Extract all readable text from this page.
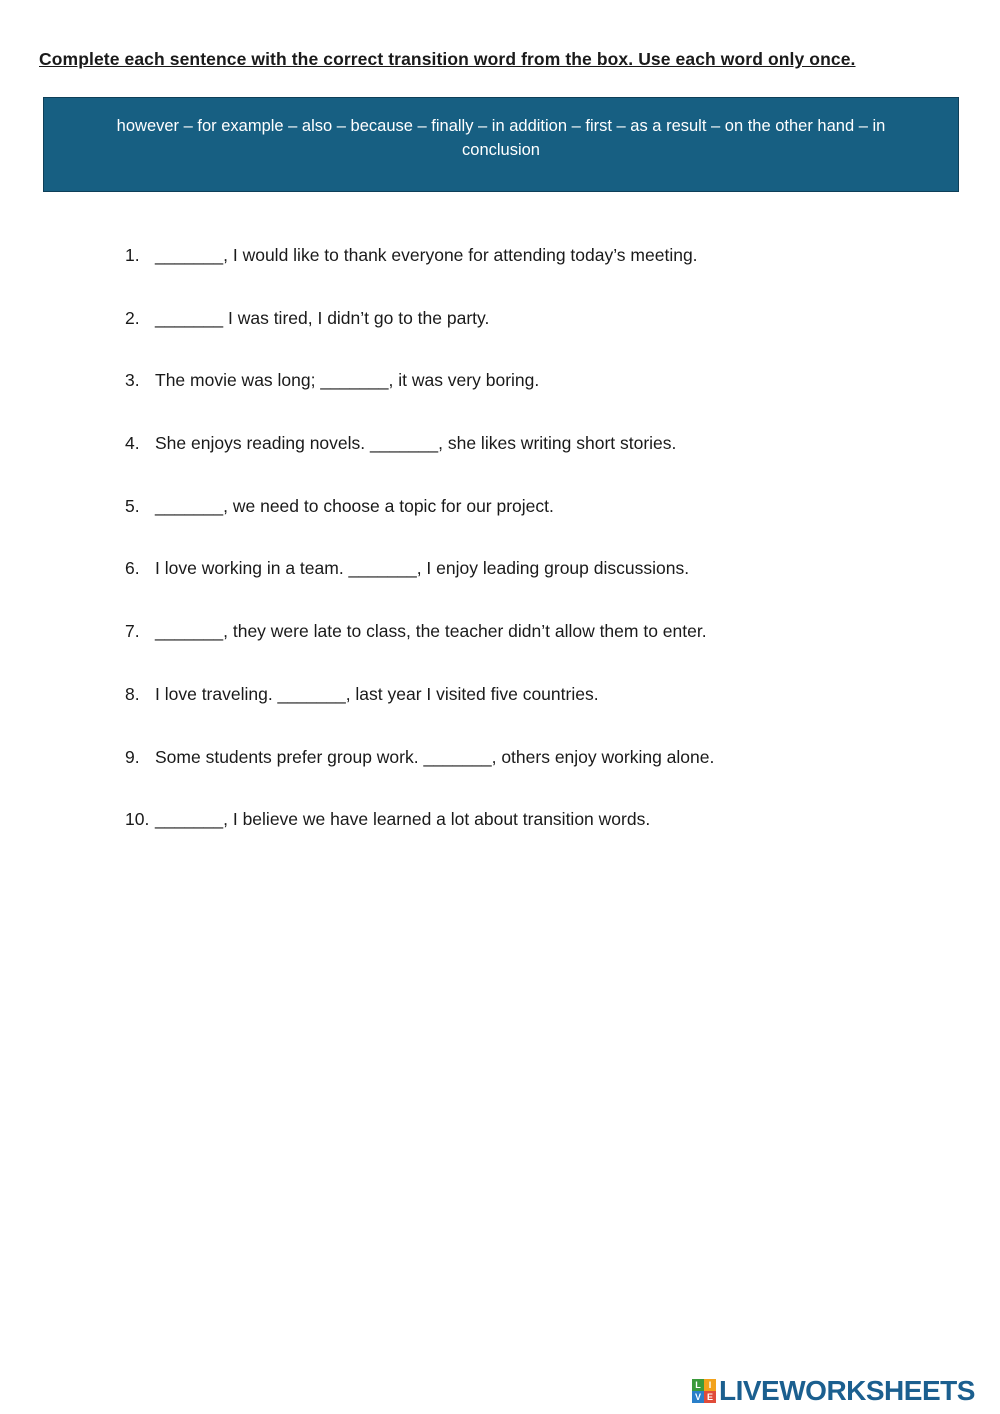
Complete each sentence with the correct transition word from the box. Use each word only once.
however – for example – also – because – finally – in addition – first – as a result – on the other hand – in conclusion
1. _______, I would like to thank everyone for attending today’s meeting.
2. _______ I was tired, I didn’t go to the party.
3. The movie was long; _______, it was very boring.
4. She enjoys reading novels. _______, she likes writing short stories.
5. _______, we need to choose a topic for our project.
6. I love working in a team. _______, I enjoy leading group discussions.
7. _______, they were late to class, the teacher didn’t allow them to enter.
8. I love traveling. _______, last year I visited five countries.
9. Some students prefer group work. _______, others enjoy working alone.
10. _______, I believe we have learned a lot about transition words.
L I
V E LIVEWORKSHEETS
